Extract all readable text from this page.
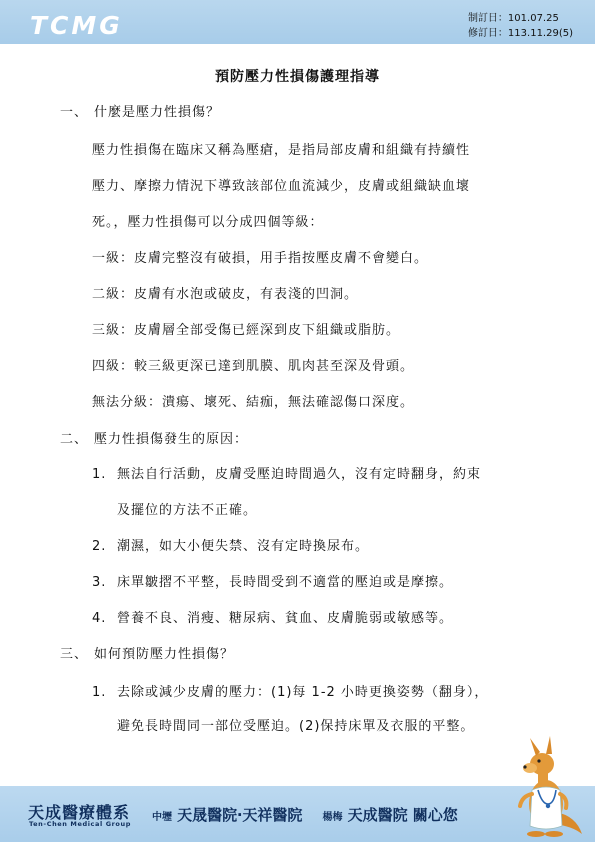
TCMG	制訂日：101.07.25
修訂日：113.11.29(5)
預防壓力性損傷護理指導
一、 什麼是壓力性損傷？
壓力性損傷在臨床又稱為壓瘡，是指局部皮膚和組織有持續性
壓力、摩擦力情況下導致該部位血流減少，皮膚或組織缺血壞
死。，壓力性損傷可以分成四個等級：
一級：皮膚完整沒有破損，用手指按壓皮膚不會變白。
二級：皮膚有水泡或破皮，有表淺的凹洞。
三級：皮膚層全部受傷已經深到皮下組織或脂肪。
四級：較三級更深已達到肌膜、肌肉甚至深及骨頭。
無法分級：潰瘍、壞死、結痂，無法確認傷口深度。
二、 壓力性損傷發生的原因：
1. 無法自行活動，皮膚受壓迫時間過久，沒有定時翻身，約束
及擺位的方法不正確。
2. 潮濕，如大小便失禁、沒有定時換尿布。
3. 床單皺摺不平整，長時間受到不適當的壓迫或是摩擦。
4. 營養不良、消瘦、糖尿病、貧血、皮膚脆弱或敏感等。
三、 如何預防壓力性損傷？
1. 去除或減少皮膚的壓力：(1)每 1-2 小時更換姿勢（翻身），
避免長時間同一部位受壓迫。(2)保持床單及衣服的平整。
天成醫療體系
Ten-Chen Medical Group
中壢 天晟醫院‧天祥醫院 楊梅 天成醫院 關心您
